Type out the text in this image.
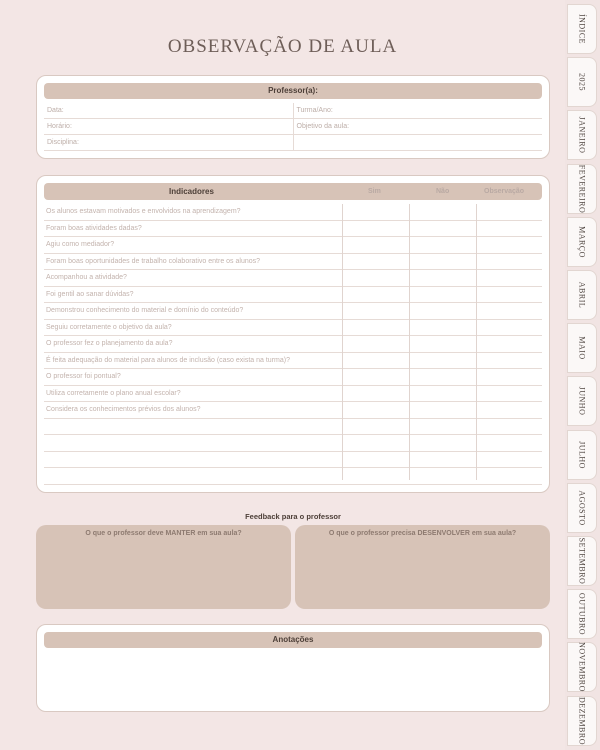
OBSERVAÇÃO DE AULA
Professor(a):
Data:	Turma/Ano:
Horário:	Objetivo da aula:
Disciplina:
Indicadores	Sim	Não	Observação
Os alunos estavam motivados e envolvidos na aprendizagem?
Foram boas atividades dadas?
Agiu como mediador?
Foram boas oportunidades de trabalho colaborativo entre os alunos?
Acompanhou a atividade?
Foi gentil ao sanar dúvidas?
Demonstrou conhecimento do material e domínio do conteúdo?
Seguiu corretamente o objetivo da aula?
O professor fez o planejamento da aula?
É feita adequação do material para alunos de inclusão (caso exista na turma)?
O professor foi pontual?
Utiliza corretamente o plano anual escolar?
Considera os conhecimentos prévios dos alunos?
Feedback para o professor
O que o professor deve MANTER em sua aula?	O que o professor precisa DESENVOLVER em sua aula?
Anotações
ÍNDICE
2025
JANEIRO
FEVEREIRO
MARÇO
ABRIL
MAIO
JUNHO
JULHO
AGOSTO
SETEMBRO
OUTUBRO
NOVEMBRO
DEZEMBRO
